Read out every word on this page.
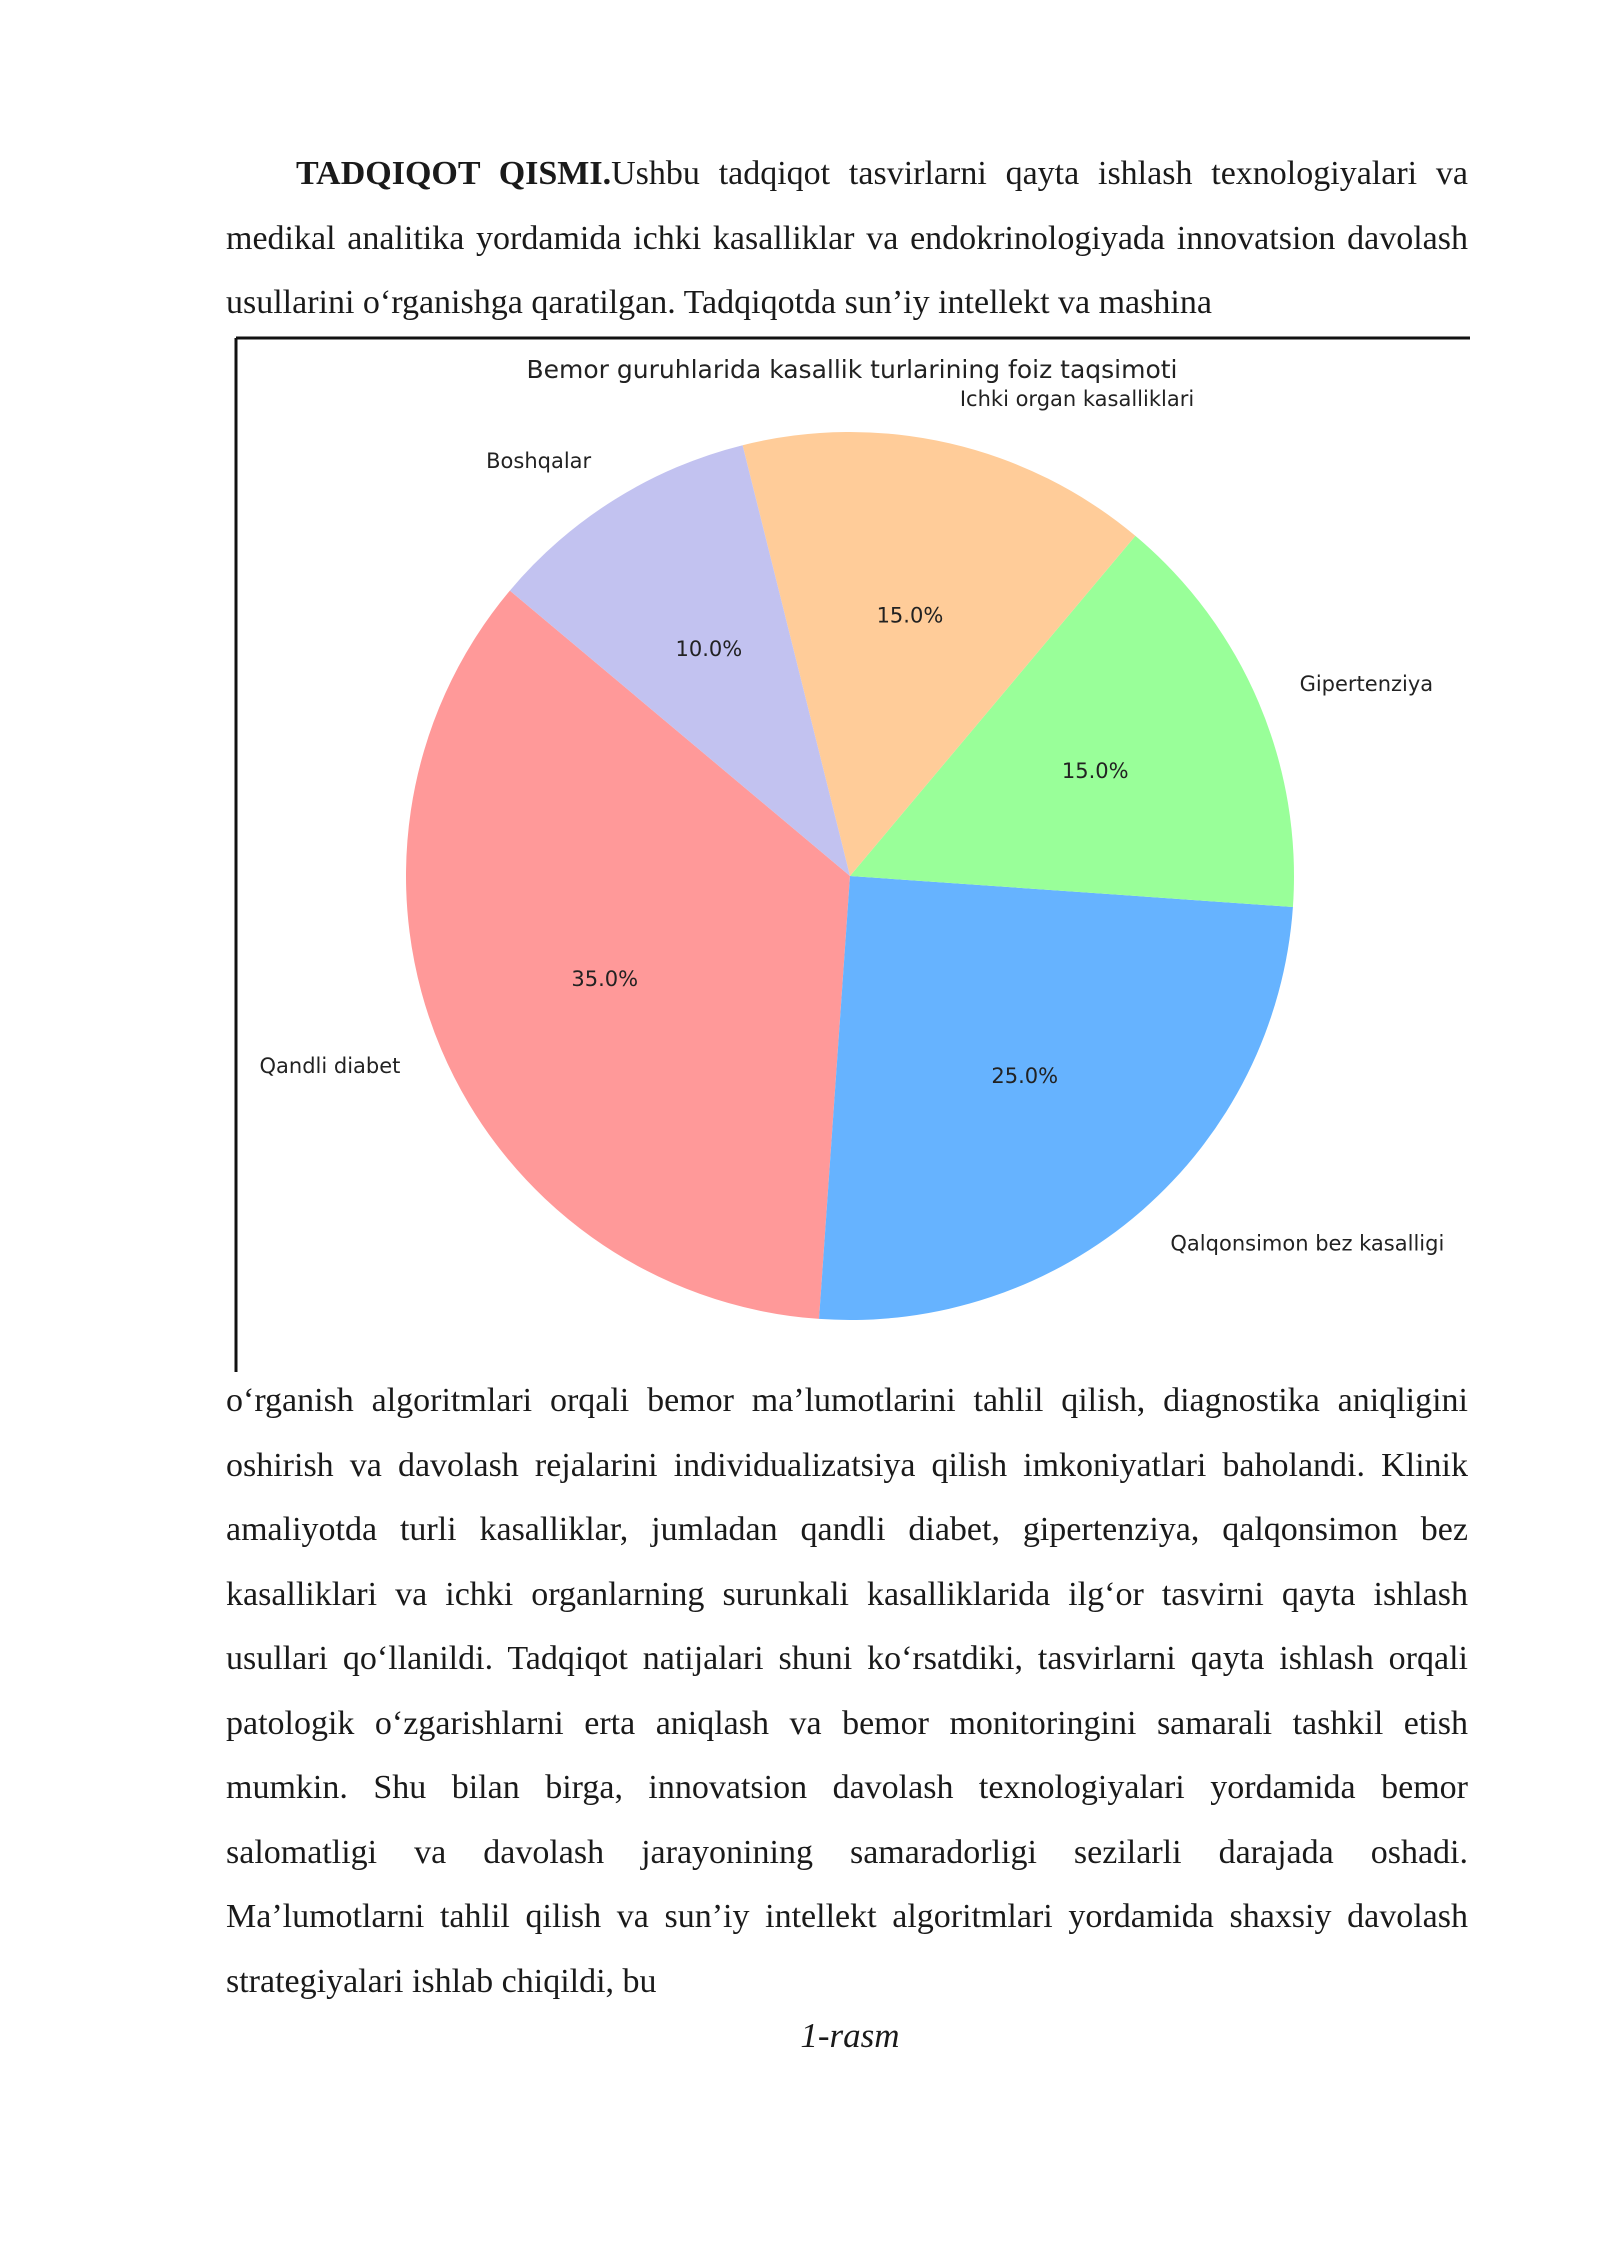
TADQIQOT QISMI.Ushbu tadqiqot tasvirlarni qayta ishlash texnologiyalari va medikal analitika yordamida ichki kasalliklar va endokrinologiyada innovatsion davolash usullarini o‘rganishga qaratilgan. Tadqiqotda sun’iy intellekt va mashina

Bemor guruhlarida kasallik turlarining foiz taqsimoti
35.0%
25.0%
15.0%
15.0%
10.0%
Qandli diabet
Qalqonsimon bez kasalligi
Gipertenziya
Ichki organ kasalliklari
Boshqalar

o‘rganish algoritmlari orqali bemor ma’lumotlarini tahlil qilish, diagnostika aniqligini oshirish va davolash rejalarini individualizatsiya qilish imkoniyatlari baholandi. Klinik amaliyotda turli kasalliklar, jumladan qandli diabet, gipertenziya, qalqonsimon bez kasalliklari va ichki organlarning surunkali kasalliklarida ilg‘or tasvirni qayta ishlash usullari qo‘llanildi. Tadqiqot natijalari shuni ko‘rsatdiki, tasvirlarni qayta ishlash orqali patologik o‘zgarishlarni erta aniqlash va bemor monitoringini samarali tashkil etish mumkin. Shu bilan birga, innovatsion davolash texnologiyalari yordamida bemor salomatligi va davolash jarayonining samaradorligi sezilarli darajada oshadi. Ma’lumotlarni tahlil qilish va sun’iy intellekt algoritmlari yordamida shaxsiy davolash strategiyalari ishlab chiqildi, bu

1-rasm
